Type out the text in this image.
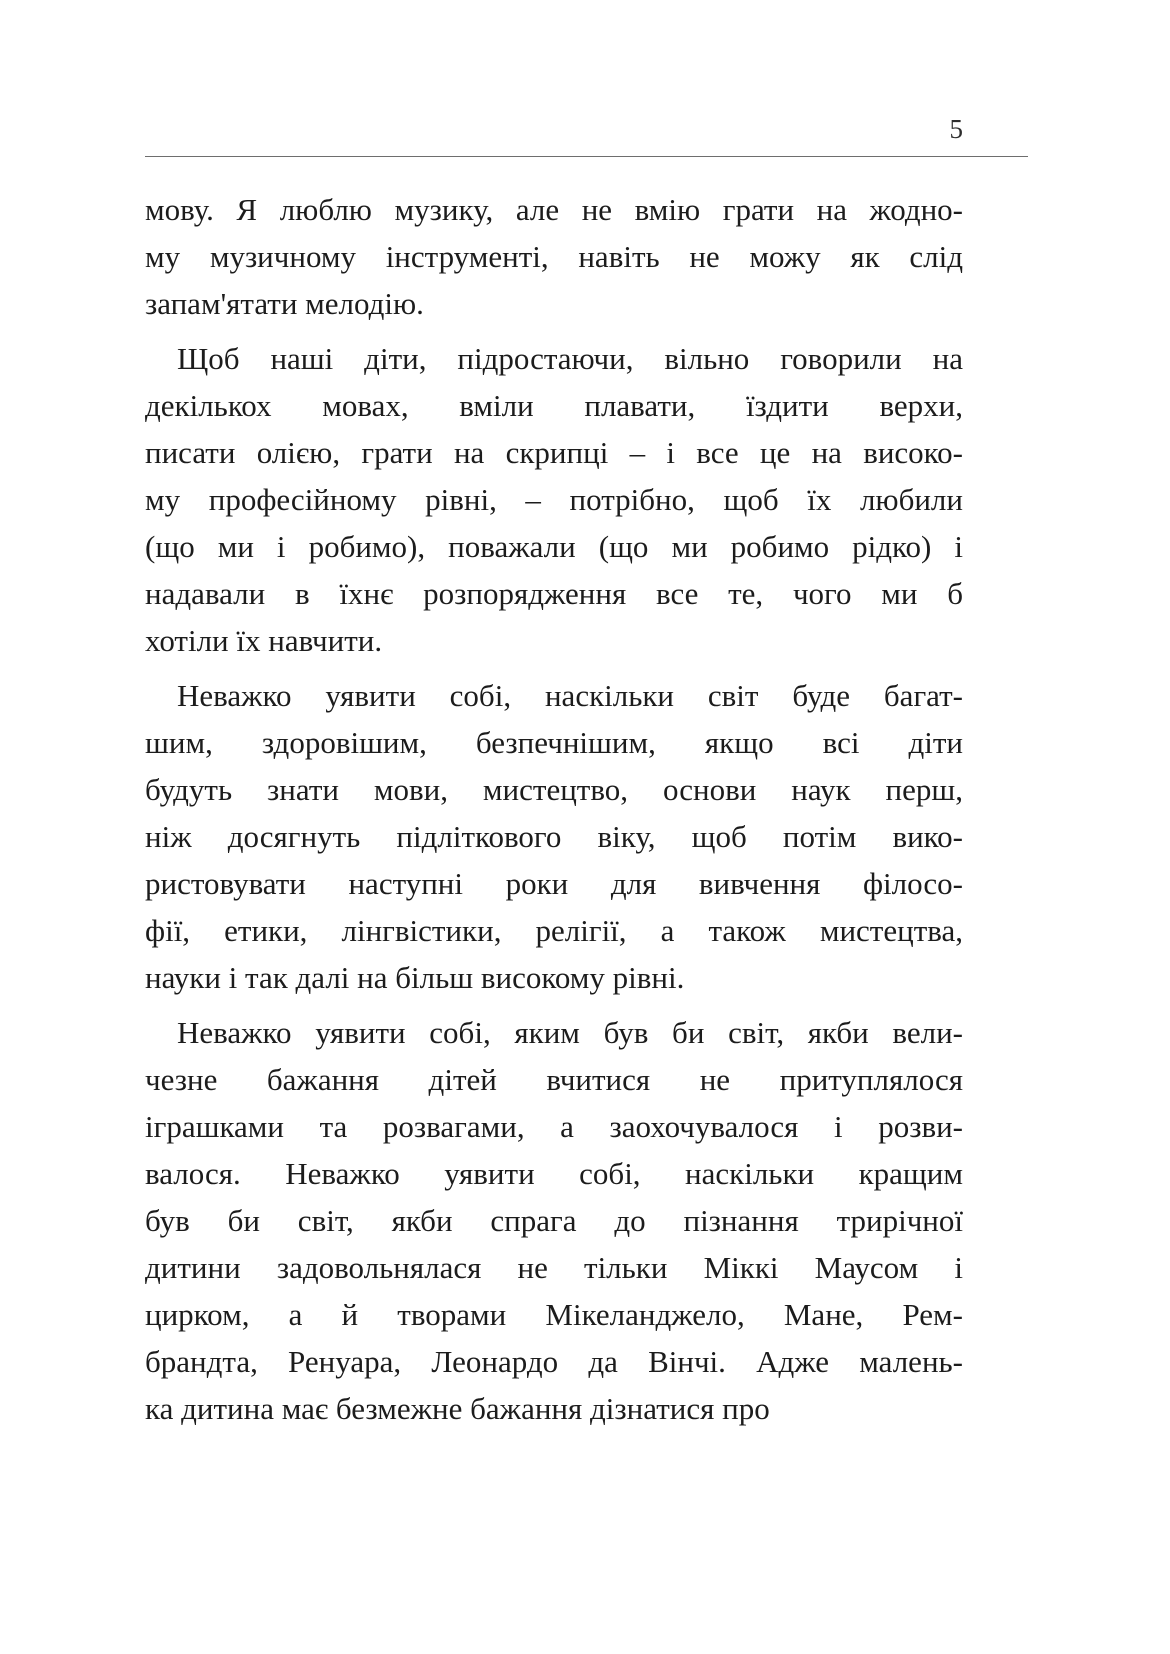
5

мову. Я люблю музику, але не вмію грати на жодно-
му музичному інструменті, навіть не можу як слід
запам'ятати мелодію.

Щоб наші діти, підростаючи, вільно говорили на
декількох мовах, вміли плавати, їздити верхи,
писати олією, грати на скрипці – і все це на високо-
му професійному рівні, – потрібно, щоб їх любили
(що ми і робимо), поважали (що ми робимо рідко) і
надавали в їхнє розпорядження все те, чого ми б
хотіли їх навчити.

Неважко уявити собі, наскільки світ буде багат-
шим, здоровішим, безпечнішим, якщо всі діти
будуть знати мови, мистецтво, основи наук перш,
ніж досягнуть підліткового віку, щоб потім вико-
ристовувати наступні роки для вивчення філосо-
фії, етики, лінгвістики, релігії, а також мистецтва,
науки і так далі на більш високому рівні.

Неважко уявити собі, яким був би світ, якби вели-
чезне бажання дітей вчитися не притуплялося
іграшками та розвагами, а заохочувалося і розви-
валося. Неважко уявити собі, наскільки кращим
був би світ, якби спрага до пізнання трирічної
дитини задовольнялася не тільки Міккі Маусом і
цирком, а й творами Мікеланджело, Мане, Рем-
брандта, Ренуара, Леонардо да Вінчі. Адже малень-
ка дитина має безмежне бажання дізнатися про
